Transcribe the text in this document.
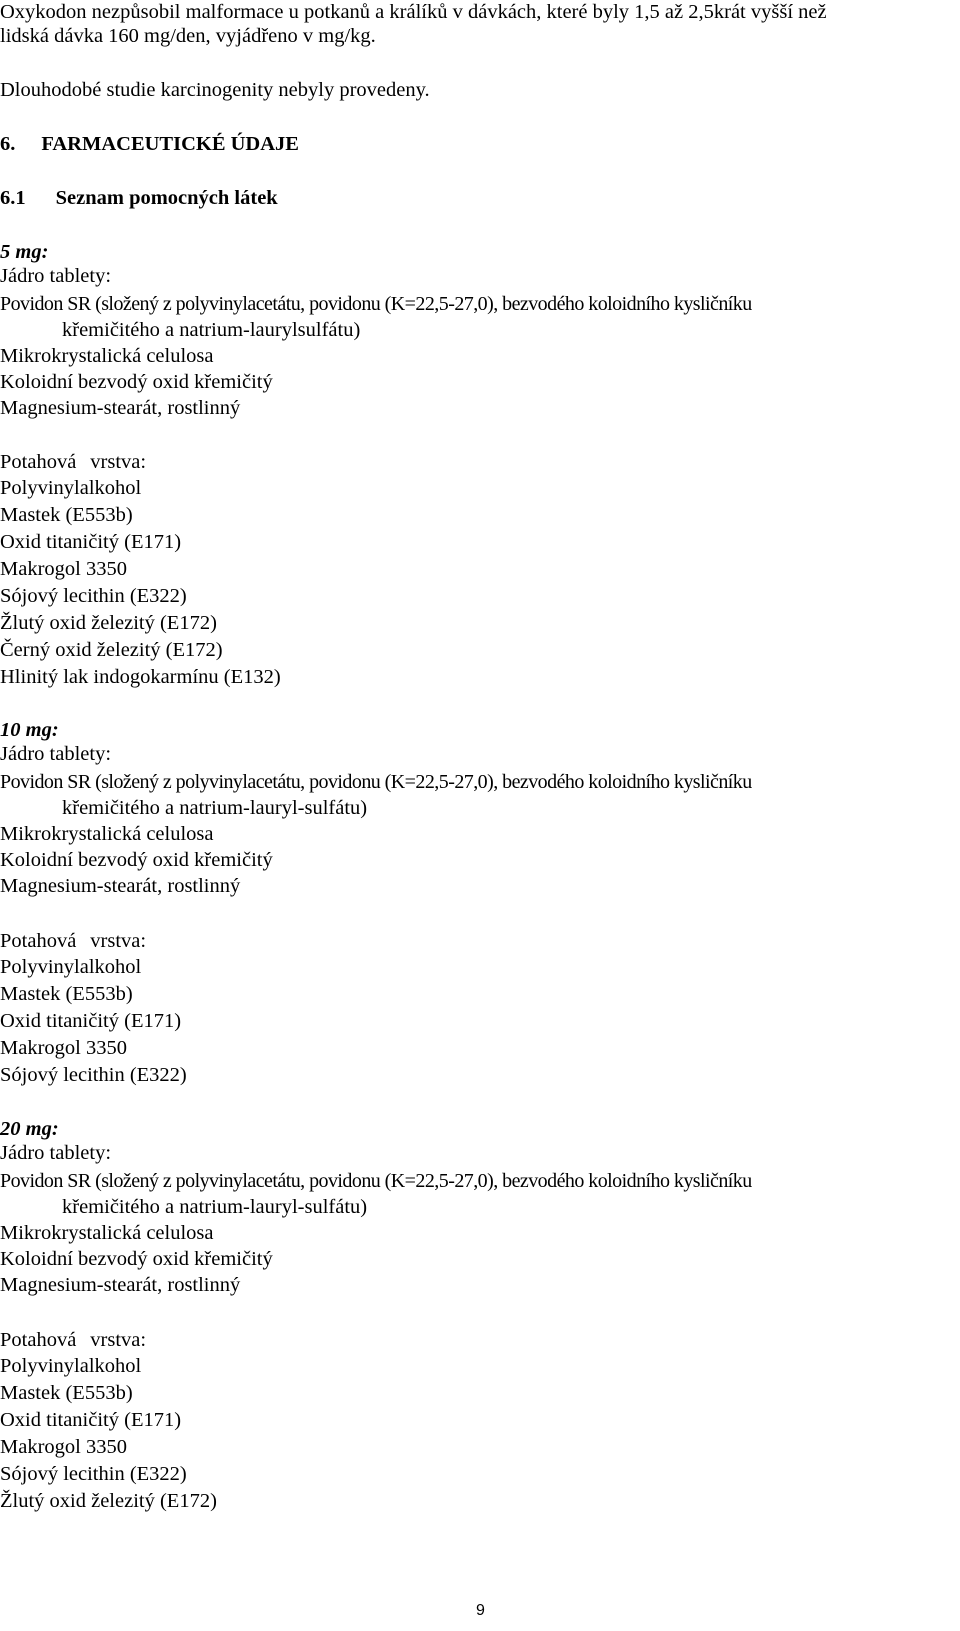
Oxykodon nezpůsobil malformace u potkanů a králíků v dávkách, které byly 1,5 až 2,5krát vyšší než
lidská dávka 160 mg/den, vyjádřeno v mg/kg.
Dlouhodobé studie karcinogenity nebyly provedeny.
6. FARMACEUTICKÉ ÚDAJE
6.1 Seznam pomocných látek
5 mg:
Jádro tablety:
Povidon SR (složený z polyvinylacetátu, povidonu (K=22,5-27,0), bezvodého koloidního kysličníku
křemičitého a natrium-laurylsulfátu)
Mikrokrystalická celulosa
Koloidní bezvodý oxid křemičitý
Magnesium-stearát, rostlinný
Potahová vrstva:
Polyvinylalkohol
Mastek (E553b)
Oxid titaničitý (E171)
Makrogol 3350
Sójový lecithin (E322)
Žlutý oxid železitý (E172)
Černý oxid železitý (E172)
Hlinitý lak indogokarmínu (E132)
10 mg:
Jádro tablety:
Povidon SR (složený z polyvinylacetátu, povidonu (K=22,5-27,0), bezvodého koloidního kysličníku
křemičitého a natrium-lauryl-sulfátu)
Mikrokrystalická celulosa
Koloidní bezvodý oxid křemičitý
Magnesium-stearát, rostlinný
Potahová vrstva:
Polyvinylalkohol
Mastek (E553b)
Oxid titaničitý (E171)
Makrogol 3350
Sójový lecithin (E322)
20 mg:
Jádro tablety:
Povidon SR (složený z polyvinylacetátu, povidonu (K=22,5-27,0), bezvodého koloidního kysličníku
křemičitého a natrium-lauryl-sulfátu)
Mikrokrystalická celulosa
Koloidní bezvodý oxid křemičitý
Magnesium-stearát, rostlinný
Potahová vrstva:
Polyvinylalkohol
Mastek (E553b)
Oxid titaničitý (E171)
Makrogol 3350
Sójový lecithin (E322)
Žlutý oxid železitý (E172)
9
